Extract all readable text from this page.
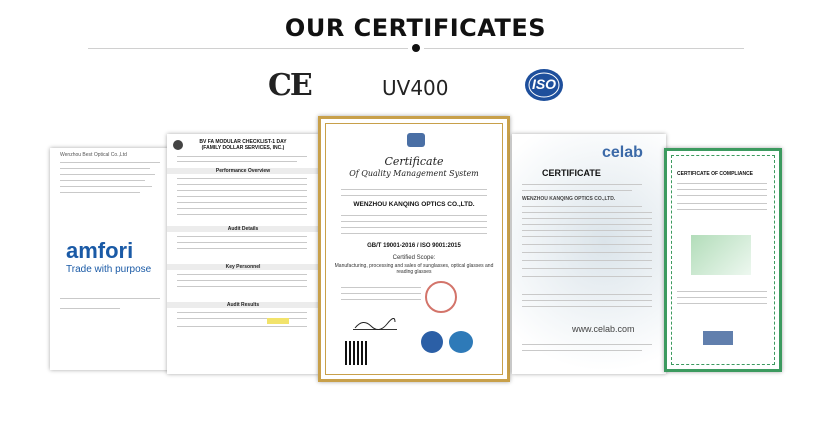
OUR CERTIFICATES
CE	UV400	ISO
Wenzhou Best Optical Co.,Ltd
amfori
Trade with purpose
BV FA MODULAR CHECKLIST-1 DAY
(FAMILY DOLLAR SERVICES, INC.)
Performance Overview
Audit Details
Key Personnel
Audit Results
Certificate
Of Quality Management System
WENZHOU KANQING OPTICS CO.,LTD.
GB/T 19001-2016 / ISO 9001:2015
Certified Scope:
Manufacturing, processing and sales of sunglasses, optical glasses and reading glasses
celab
CERTIFICATE
WENZHOU KANQING OPTICS CO.,LTD.
www.celab.com
CERTIFICATE OF COMPLIANCE
